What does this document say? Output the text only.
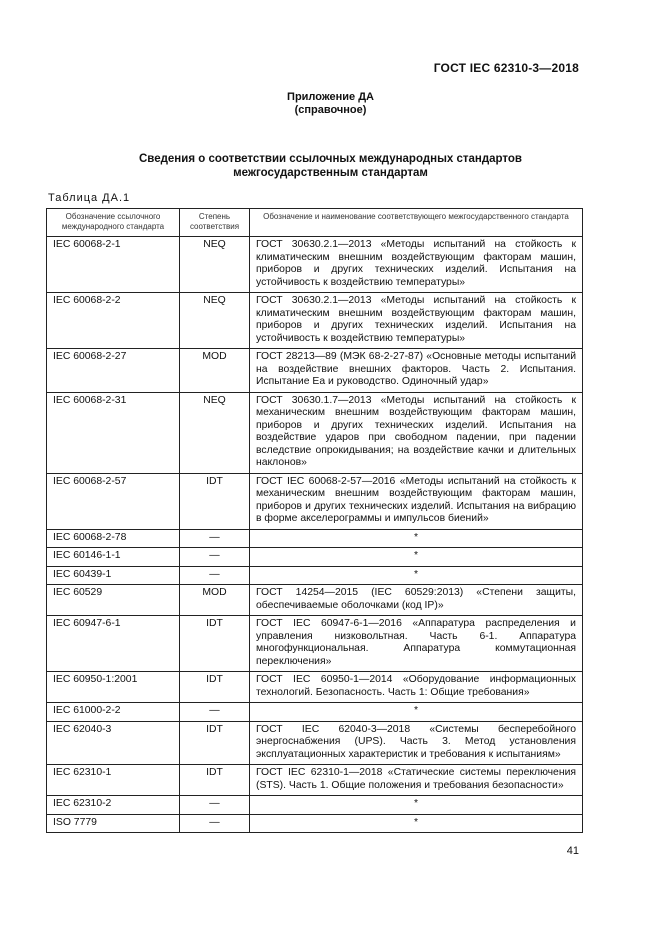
ГОСТ IEC 62310-3—2018
Приложение ДА
(справочное)
Сведения о соответствии ссылочных международных стандартов
межгосударственным стандартам
Таблица ДА.1
Обозначение ссылочного международного стандарта	Степень соответствия	Обозначение и наименование соответствующего межгосударственного стандарта
IEC 60068-2-1	NEQ	ГОСТ 30630.2.1—2013 «Методы испытаний на стойкость к климатическим внешним воздействующим факторам машин, приборов и других технических изделий. Испытания на устойчивость к воздействию температуры»
IEC 60068-2-2	NEQ	ГОСТ 30630.2.1—2013 «Методы испытаний на стойкость к климатическим внешним воздействующим факторам машин, приборов и других технических изделий. Испытания на устойчивость к воздействию температуры»
IEC 60068-2-27	MOD	ГОСТ 28213—89 (МЭК 68-2-27-87) «Основные методы испытаний на воздействие внешних факторов. Часть 2. Испытания. Испытание Еа и руководство. Одиночный удар»
IEC 60068-2-31	NEQ	ГОСТ 30630.1.7—2013 «Методы испытаний на стойкость к механическим внешним воздействующим факторам машин, приборов и других технических изделий. Испытания на воздействие ударов при свободном падении, при падении вследствие опрокидывания; на воздействие качки и длительных наклонов»
IEC 60068-2-57	IDT	ГОСТ IEC 60068-2-57—2016 «Методы испытаний на стойкость к механическим внешним воздействующим факторам машин, приборов и других технических изделий. Испытания на вибрацию в форме акселерограммы и импульсов биений»
IEC 60068-2-78	—	*
IEC 60146-1-1	—	*
IEC 60439-1	—	*
IEC 60529	MOD	ГОСТ 14254—2015 (IEC 60529:2013) «Степени защиты, обеспечиваемые оболочками (код IP)»
IEC 60947-6-1	IDT	ГОСТ IEC 60947-6-1—2016 «Аппаратура распределения и управления низковольтная. Часть 6-1. Аппаратура многофункциональная. Аппаратура коммутационная переключения»
IEC 60950-1:2001	IDT	ГОСТ IEC 60950-1—2014 «Оборудование информационных технологий. Безопасность. Часть 1: Общие требования»
IEC 61000-2-2	—	*
IEC 62040-3	IDT	ГОСТ IEC 62040-3—2018 «Системы бесперебойного энергоснабжения (UPS). Часть 3. Метод установления эксплуатационных характеристик и требования к испытаниям»
IEC 62310-1	IDT	ГОСТ IEC 62310-1—2018 «Статические системы переключения (STS). Часть 1. Общие положения и требования безопасности»
IEC 62310-2	—	*
ISO 7779	—	*
41
